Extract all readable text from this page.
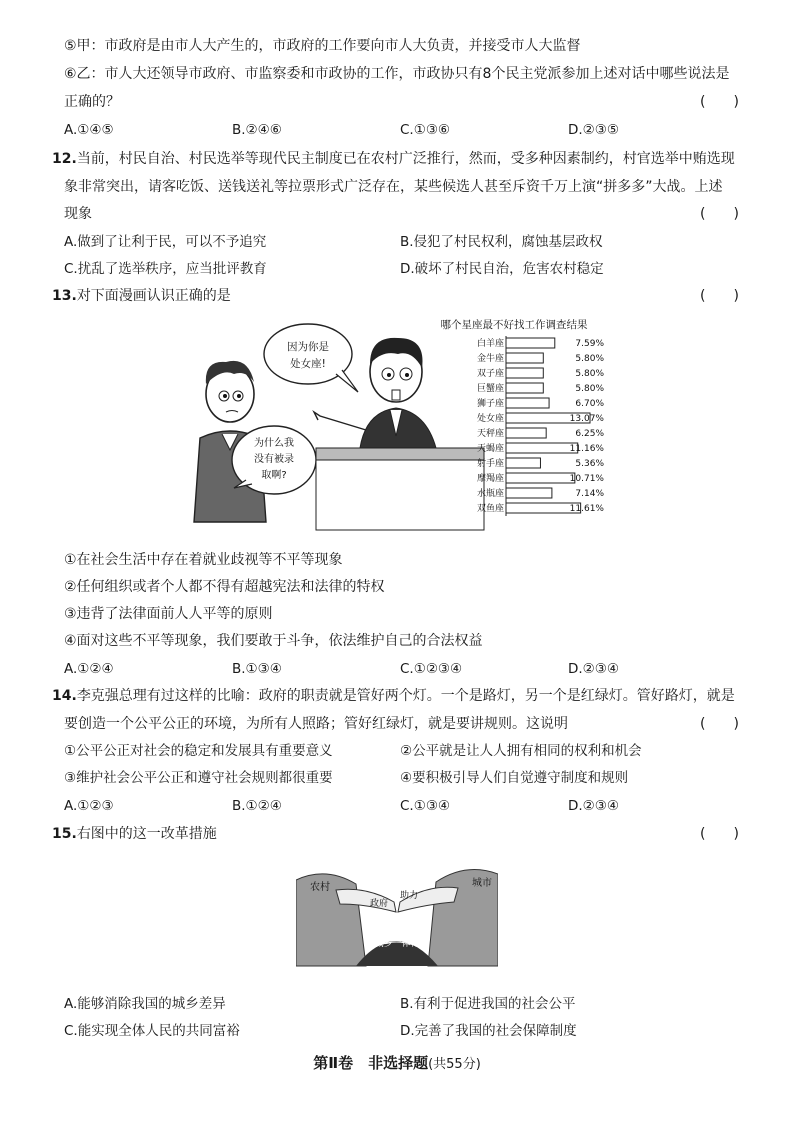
⑤甲：市政府是由市人大产生的，市政府的工作要向市人大负责，并接受市人大监督
⑥乙：市人大还领导市政府、市监察委和市政协的工作，市政协只有8个民主党派参加上述对话中哪些说法是
正确的？	(　　)
A.①④⑤	B.②④⑥	C.①③⑥	D.②③⑤
12.当前，村民自治、村民选举等现代民主制度已在农村广泛推行，然而，受多种因素制约，村官选举中贿选现
象非常突出，请客吃饭、送钱送礼等拉票形式广泛存在，某些候选人甚至斥资千万上演“拼多多”大战。上述
现象	(　　)
A.做到了让利于民，可以不予追究	B.侵犯了村民权利，腐蚀基层政权
C.扰乱了选举秩序，应当批评教育	D.破坏了村民自治，危害农村稳定
13.对下面漫画认识正确的是	(　　)
为什么我
没有被录
取啊?
因为你是
处女座!
哪个星座最不好找工作调查结果
白羊座	7.59%
金牛座	5.80%
双子座	5.80%
巨蟹座	5.80%
狮子座	6.70%
处女座	13.07%
天秤座	6.25%
天蝎座	11.16%
射手座	5.36%
摩羯座	10.71%
水瓶座	7.14%
双鱼座	11.61%
①在社会生活中存在着就业歧视等不平等现象
②任何组织或者个人都不得有超越宪法和法律的特权
③违背了法律面前人人平等的原则
④面对这些不平等现象，我们要敢于斗争，依法维护自己的合法权益
A.①②④	B.①③④	C.①②③④	D.②③④
14.李克强总理有过这样的比喻：政府的职责就是管好两个灯。一个是路灯，另一个是红绿灯。管好路灯，就是
要创造一个公平公正的环境，为所有人照路；管好红绿灯，就是要讲规则。这说明	(　　)
①公平公正对社会的稳定和发展具有重要意义	②公平就是让人人拥有相同的权利和机会
③维护社会公平公正和遵守社会规则都很重要	④要积极引导人们自觉遵守制度和规则
A.①②③	B.①②④	C.①③④	D.②③④
15.右图中的这一改革措施	(　　)
农村	城市
政府
助力
城乡一体化
A.能够消除我国的城乡差异	B.有利于促进我国的社会公平
C.能实现全体人民的共同富裕	D.完善了我国的社会保障制度
第Ⅱ卷　非选择题(共55分)
